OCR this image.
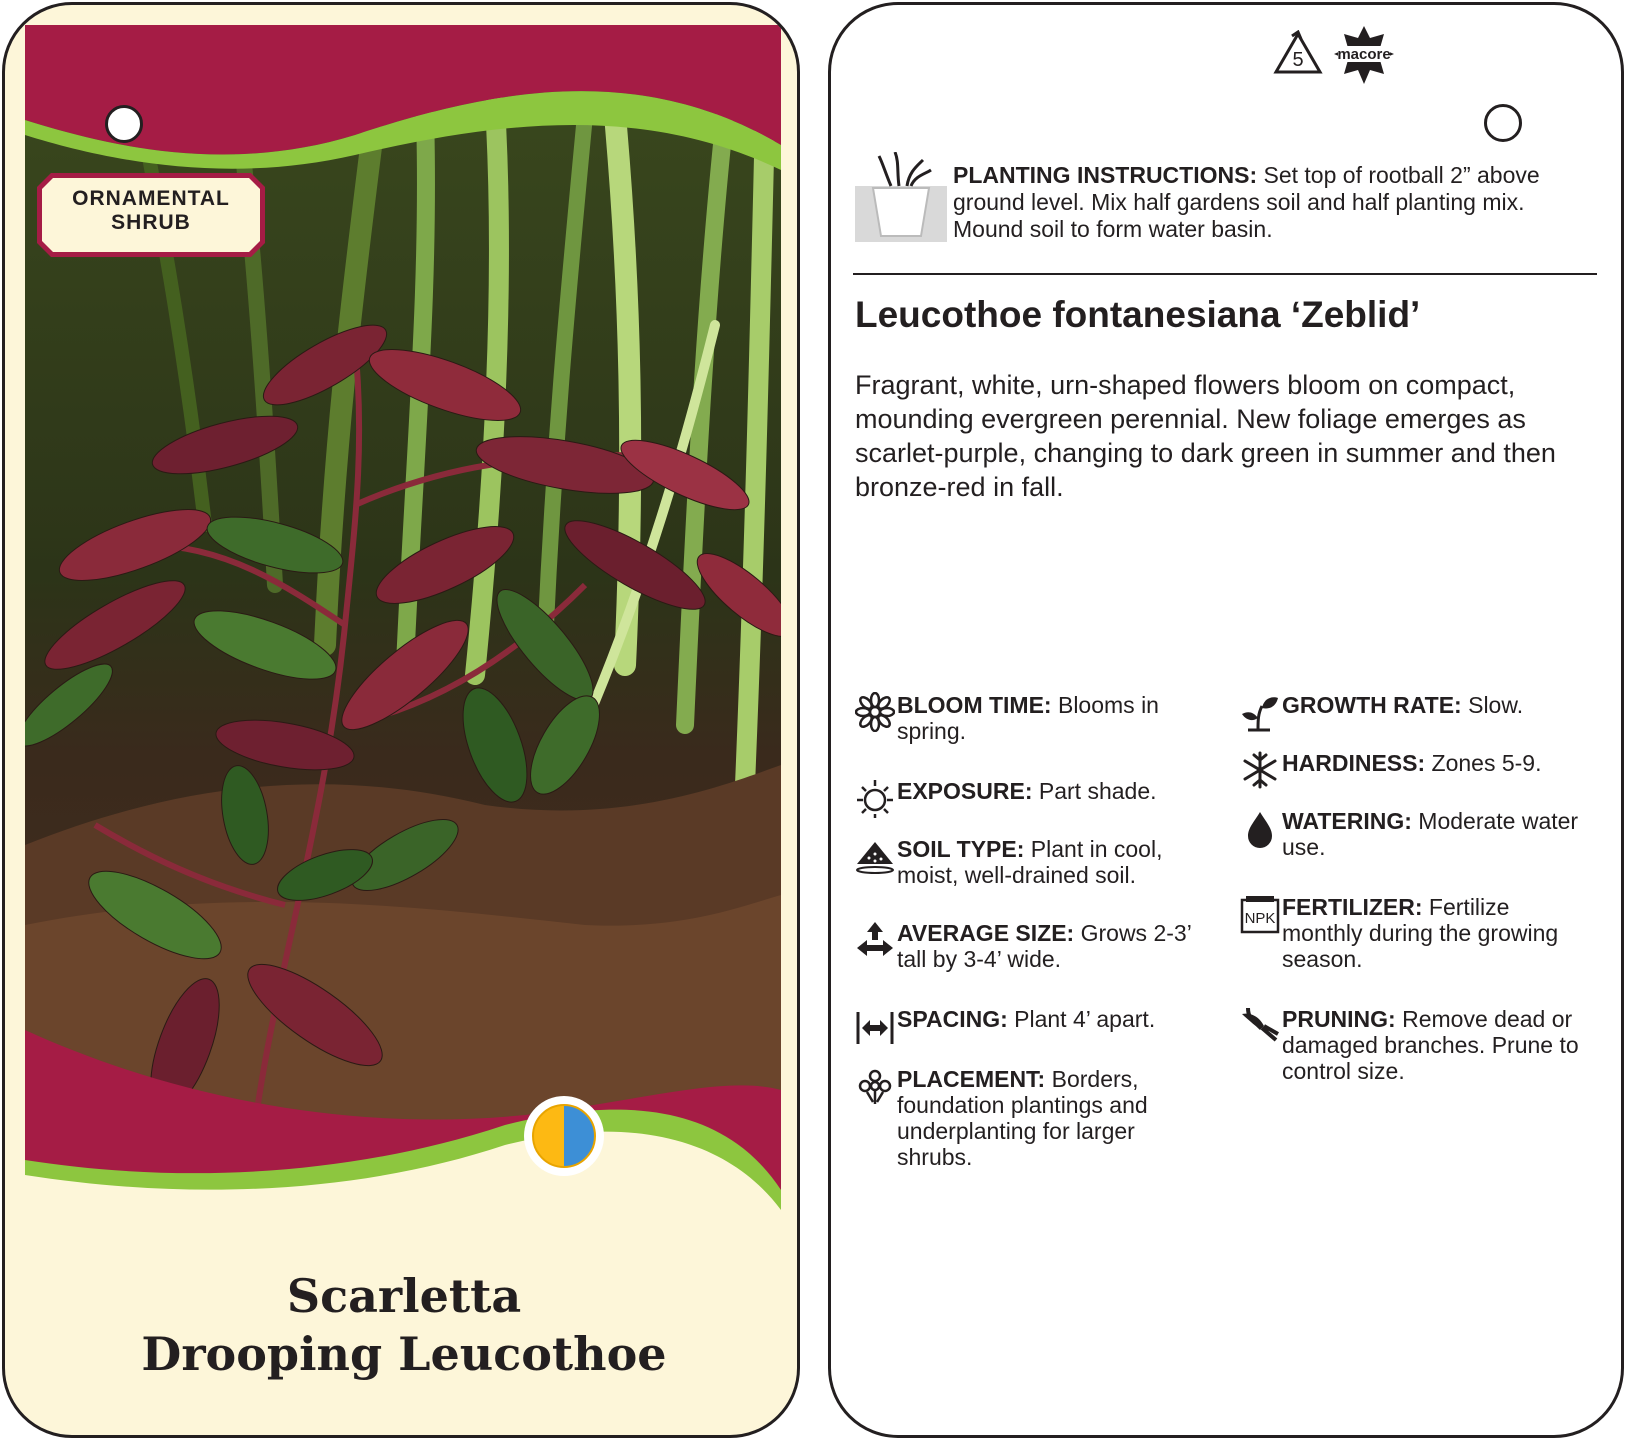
ORNAMENTAL SHRUB
Scarletta
Drooping Leucothoe
5 macore
PLANTING INSTRUCTIONS: Set top of rootball 2” above ground level. Mix half gardens soil and half planting mix. Mound soil to form water basin.
Leucothoe fontanesiana ‘Zeblid’
Fragrant, white, urn-shaped flowers bloom on compact, mounding evergreen perennial. New foliage emerges as scarlet-purple, changing to dark green in summer and then bronze-red in fall.
BLOOM TIME: Blooms in spring.
EXPOSURE: Part shade.
SOIL TYPE: Plant in cool, moist, well-drained soil.
AVERAGE SIZE: Grows 2-3’ tall by 3-4’ wide.
SPACING: Plant 4’ apart.
PLACEMENT: Borders, foundation plantings and underplanting for larger shrubs.
GROWTH RATE: Slow.
HARDINESS: Zones 5-9.
WATERING: Moderate water use.
NPK FERTILIZER: Fertilize monthly during the growing season.
PRUNING: Remove dead or damaged branches. Prune to control size.
